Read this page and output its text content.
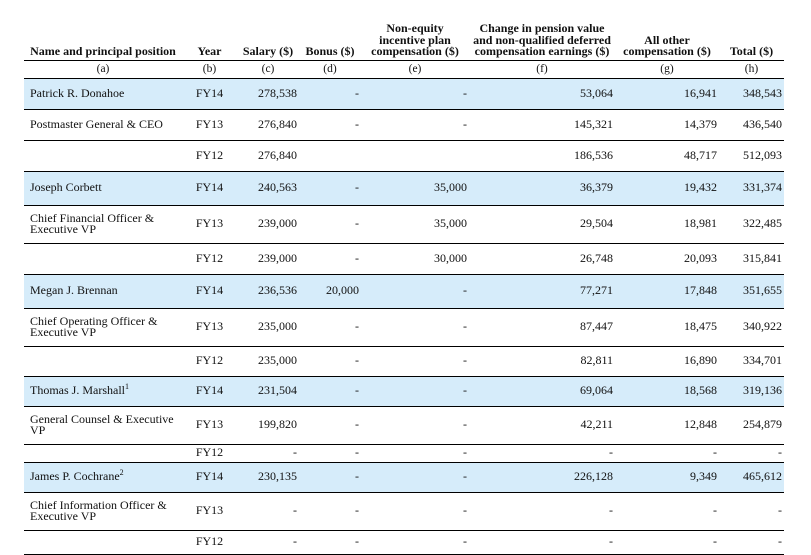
Name and principal position	Year	Salary ($)	Bonus ($)	Non-equity incentive plan compensation ($)	Change in pension value and non-qualified deferred compensation earnings ($)	All other compensation ($)	Total ($)
(a)	(b)	(c)	(d)	(e)	(f)	(g)	(h)
Patrick R. Donahoe	FY14	278,538	-	-	53,064	16,941	348,543
Postmaster General & CEO	FY13	276,840	-	-	145,321	14,379	436,540
	FY12	276,840			186,536	48,717	512,093
Joseph Corbett	FY14	240,563	-	35,000	36,379	19,432	331,374
Chief Financial Officer & Executive VP	FY13	239,000	-	35,000	29,504	18,981	322,485
	FY12	239,000	-	30,000	26,748	20,093	315,841
Megan J. Brennan	FY14	236,536	20,000	-	77,271	17,848	351,655
Chief Operating Officer & Executive VP	FY13	235,000	-	-	87,447	18,475	340,922
	FY12	235,000	-	-	82,811	16,890	334,701
Thomas J. Marshall$^1$	FY14	231,504	-	-	69,064	18,568	319,136
General Counsel & Executive VP	FY13	199,820	-	-	42,211	12,848	254,879
	FY12	-	-	-	-	-	-
James P. Cochrane$^2$	FY14	230,135	-	-	226,128	9,349	465,612
Chief Information Officer & Executive VP	FY13	-	-	-	-	-	-
	FY12	-	-	-	-	-	-
